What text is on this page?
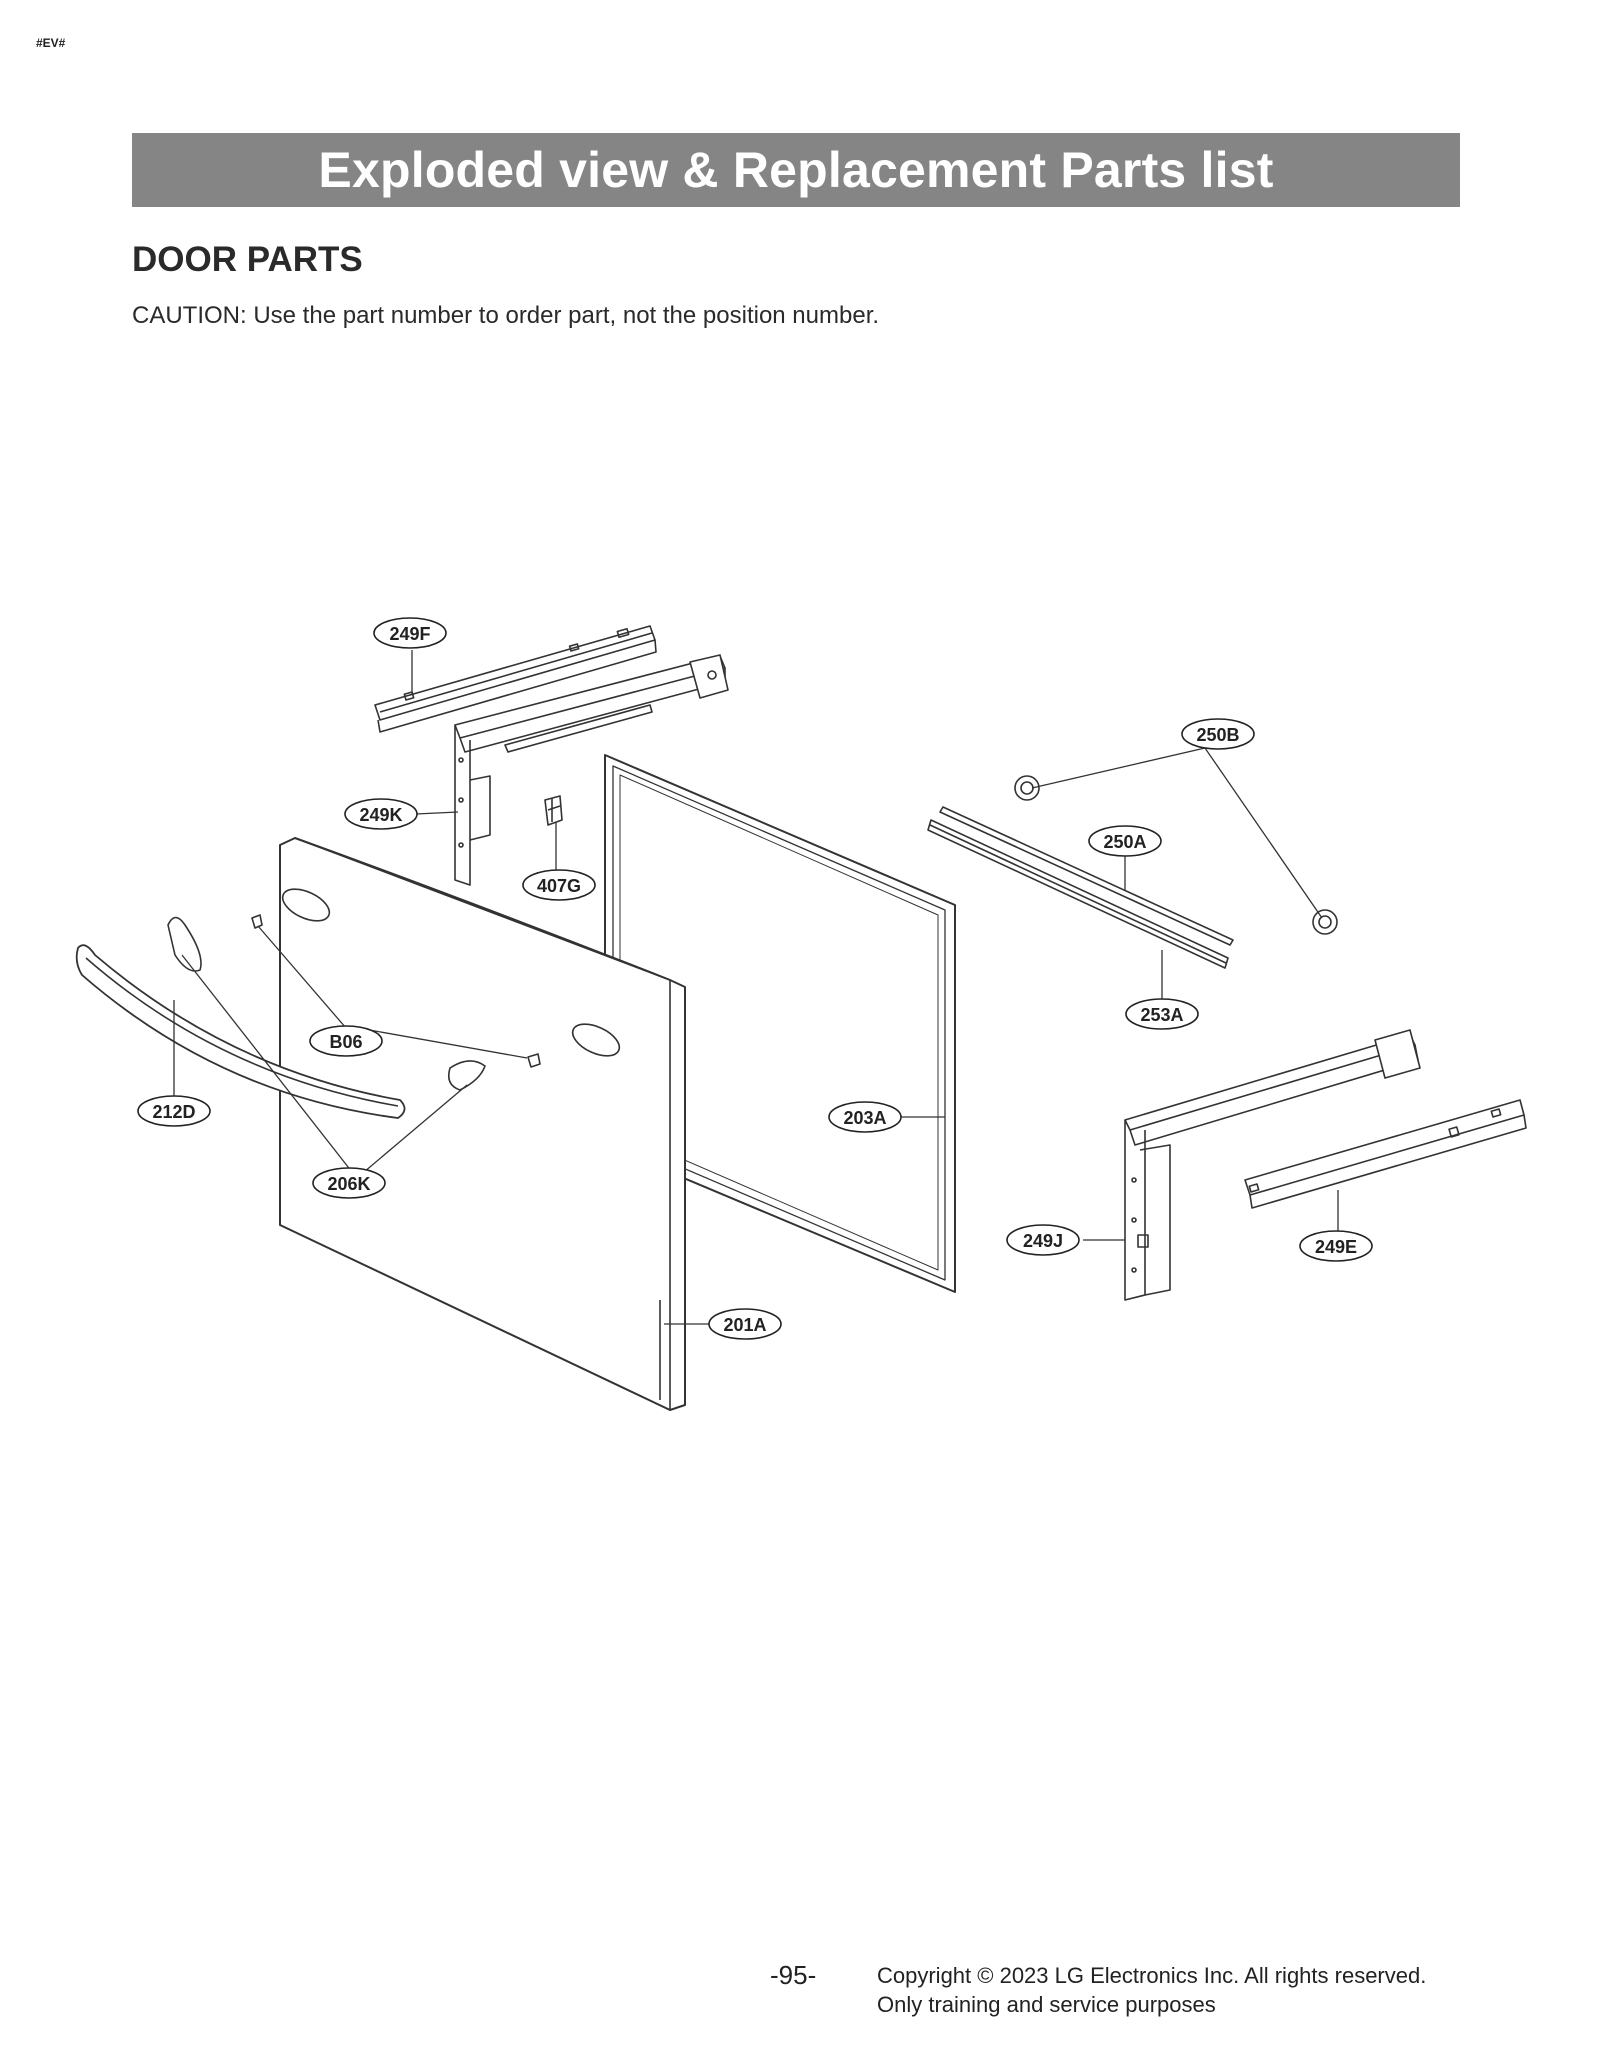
#EV#
Exploded view & Replacement Parts list
DOOR PARTS
CAUTION: Use the part number to order part, not the position number.
249F
250B
249K
407G
250A
B06
253A
212D	203A
206K
249J	249E
201A
-95-	Copyright © 2023 LG Electronics Inc. All rights reserved.
Only training and service purposes
